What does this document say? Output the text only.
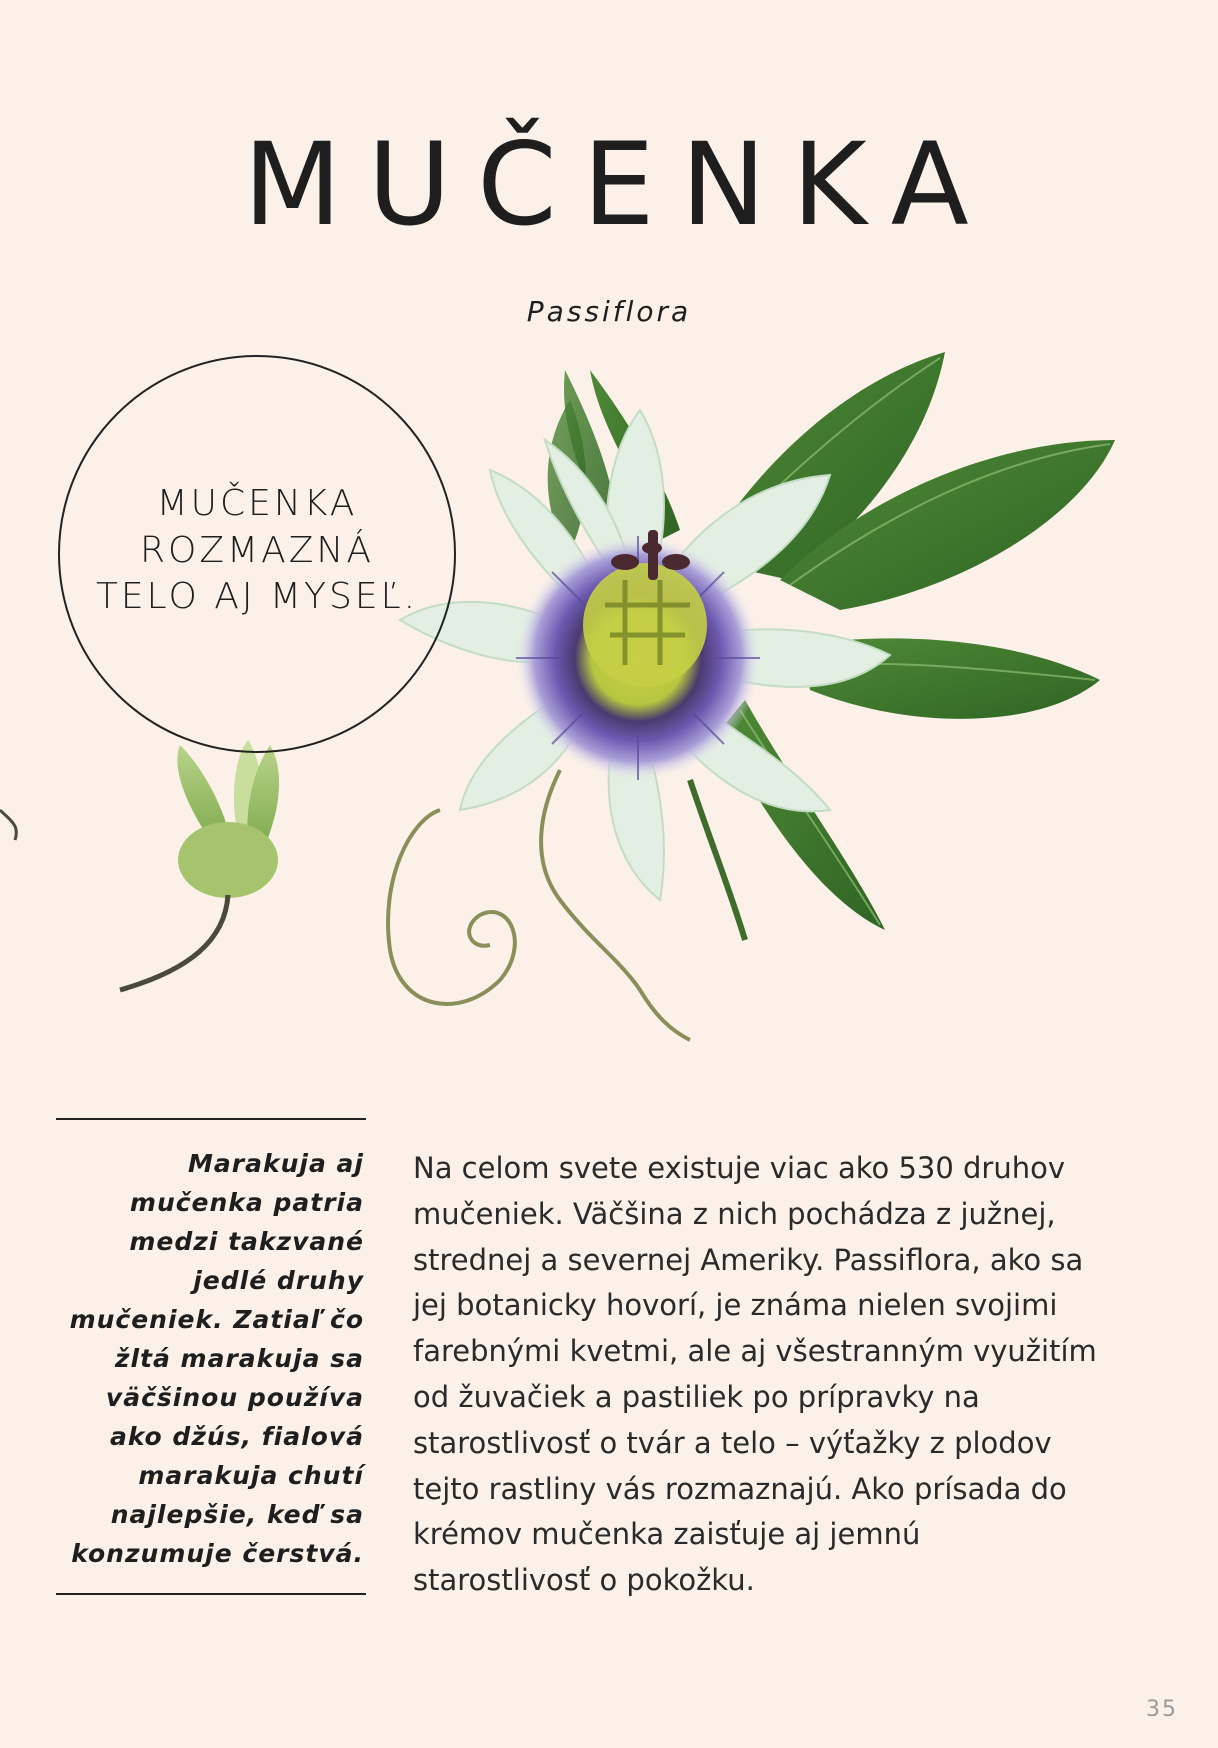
MUČENKA
Passiflora
MUČENKA
ROZMAZNÁ
TELO AJ MYSEĽ.
Marakuja aj mučenka patria medzi takzvané jedlé druhy mučeniek. Zatiaľ čo žltá marakuja sa väčšinou používa ako džús, fialová marakuja chutí najlepšie, keď sa konzumuje čerstvá.
Na celom svete existuje viac ako 530 druhov mučeniek. Väčšina z nich pochádza z južnej, strednej a severnej Ameriky. Passiflora, ako sa jej botanicky hovorí, je známa nielen svojimi farebnými kvetmi, ale aj všestranným využitím od žuvačiek a pastiliek po prípravky na starostlivosť o tvár a telo – výťažky z plodov tejto rastliny vás rozmaznajú. Ako prísada do krémov mučenka zaisťuje aj jemnú starostlivosť o pokožku.
35
